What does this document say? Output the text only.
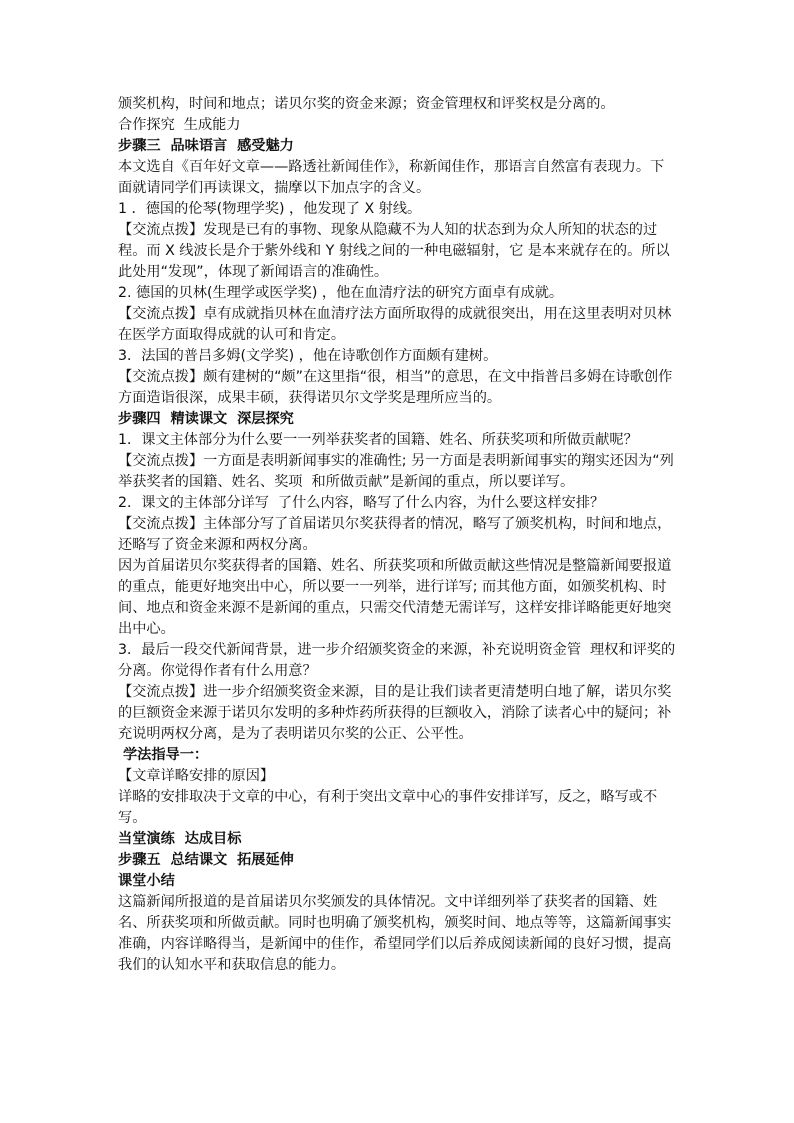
颁奖机构，时间和地点；诺贝尔奖的资金来源；资金管理权和评奖权是分离的。

合作探究  生成能力

步骤三  品味语言  感受魅力

本文选自《百年好文章——路透社新闻佳作》，称新闻佳作，那语言自然富有表现力。下面就请同学们再读课文，揣摩以下加点字的含义。

1 ．德国的伦琴(物理学奖) ，他发现了 X 射线。

【交流点拨】发现是已有的事物、现象从隐藏不为人知的状态到为众人所知的状态的过程。而 X 线波长是介于紫外线和 Y 射线之间的一种电磁辐射，它 是本来就存在的。所以此处用“发现”，体现了新闻语言的准确性。

2. 德国的贝林(生理学或医学奖) ，他在血清疗法的研究方面卓有成就。

【交流点拨】卓有成就指贝林在血清疗法方面所取得的成就很突出，用在这里表明对贝林在医学方面取得成就的认可和肯定。

3．法国的普吕多姆(文学奖) ，他在诗歌创作方面颇有建树。

【交流点拨】颇有建树的“颇”在这里指“很，相当”的意思，在文中指普吕多姆在诗歌创作方面造诣很深，成果丰硕，获得诺贝尔文学奖是理所应当的。

步骤四  精读课文  深层探究

1．课文主体部分为什么要一一列举获奖者的国籍、姓名、所获奖项和所做贡献呢？

【交流点拨】一方面是表明新闻事实的准确性; 另一方面是表明新闻事实的翔实还因为“列举获奖者的国籍、姓名、奖项  和所做贡献”是新闻的重点，所以要详写。

2．课文的主体部分详写  了什么内容，略写了什么内容，为什么要这样安排？

【交流点拨】主体部分写了首届诺贝尔奖获得者的情况，略写了颁奖机构，时间和地点，还略写了资金来源和两权分离。

因为首届诺贝尔奖获得者的国籍、姓名、所获奖项和所做贡献这些情况是整篇新闻要报道的重点，能更好地突出中心，所以要一一列举，进行详写; 而其他方面，如颁奖机构、时间、地点和资金来源不是新闻的重点，只需交代清楚无需详写，这样安排详略能更好地突出中心。

3．最后一段交代新闻背景，进一步介绍颁奖资金的来源，补充说明资金管  理权和评奖的分离。你觉得作者有什么用意？

【交流点拨】进一步介绍颁奖资金来源，目的是让我们读者更清楚明白地了解，诺贝尔奖的巨额资金来源于诺贝尔发明的多种炸药所获得的巨额收入，消除了读者心中的疑问；补充说明两权分离，是为了表明诺贝尔奖的公正、公平性。

学法指导一：

【文章详略安排的原因】

详略的安排取决于文章的中心，有利于突出文章中心的事件安排详写，反之，略写或不写。

当堂演练  达成目标

步骤五  总结课文  拓展延伸

课堂小结

这篇新闻所报道的是首届诺贝尔奖颁发的具体情况。文中详细列举了获奖者的国籍、姓  名、所获奖项和所做贡献。同时也明确了颁奖机构，颁奖时间、地点等等，这篇新闻事实准确，内容详略得当，是新闻中的佳作，希望同学们以后养成阅读新闻的良好习惯，提高我们的认知水平和获取信息的能力。
